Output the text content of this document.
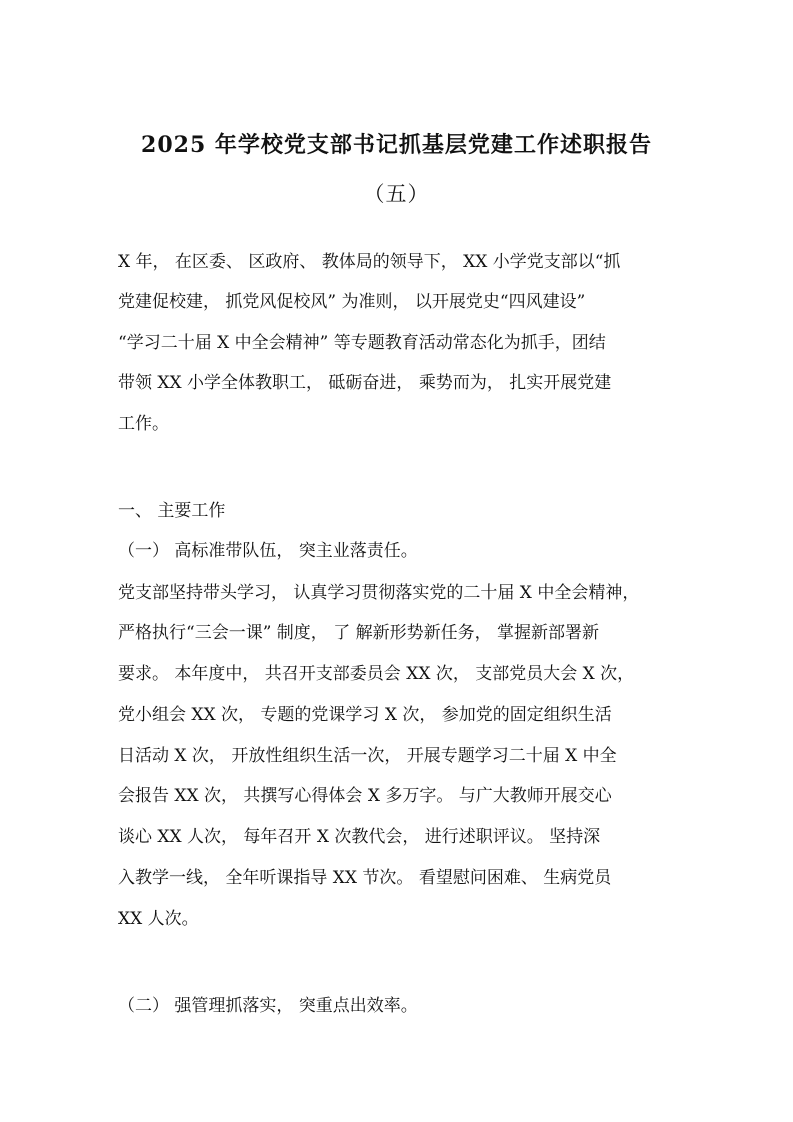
2025 年学校党支部书记抓基层党建工作述职报告
（五）
X 年， 在区委、 区政府、 教体局的领导下， XX 小学党支部以“抓
党建促校建， 抓党风促校风” 为准则， 以开展党史“四风建设”
“学习二十届 X 中全会精神” 等专题教育活动常态化为抓手，团结
带领 XX 小学全体教职工， 砥砺奋进， 乘势而为， 扎实开展党建
工作。
一、 主要工作
（一） 高标准带队伍， 突主业落责任。
党支部坚持带头学习， 认真学习贯彻落实党的二十届 X 中全会精神，
严格执行“三会一课” 制度， 了 解新形势新任务， 掌握新部署新
要求。 本年度中， 共召开支部委员会 XX 次， 支部党员大会 X 次，
党小组会 XX 次， 专题的党课学习 X 次， 参加党的固定组织生活
日活动 X 次， 开放性组织生活一次， 开展专题学习二十届 X 中全
会报告 XX 次， 共撰写心得体会 X 多万字。 与广大教师开展交心
谈心 XX 人次， 每年召开 X 次教代会， 进行述职评议。 坚持深
入教学一线， 全年听课指导 XX 节次。 看望慰问困难、 生病党员
XX 人次。
（二） 强管理抓落实， 突重点出效率。
